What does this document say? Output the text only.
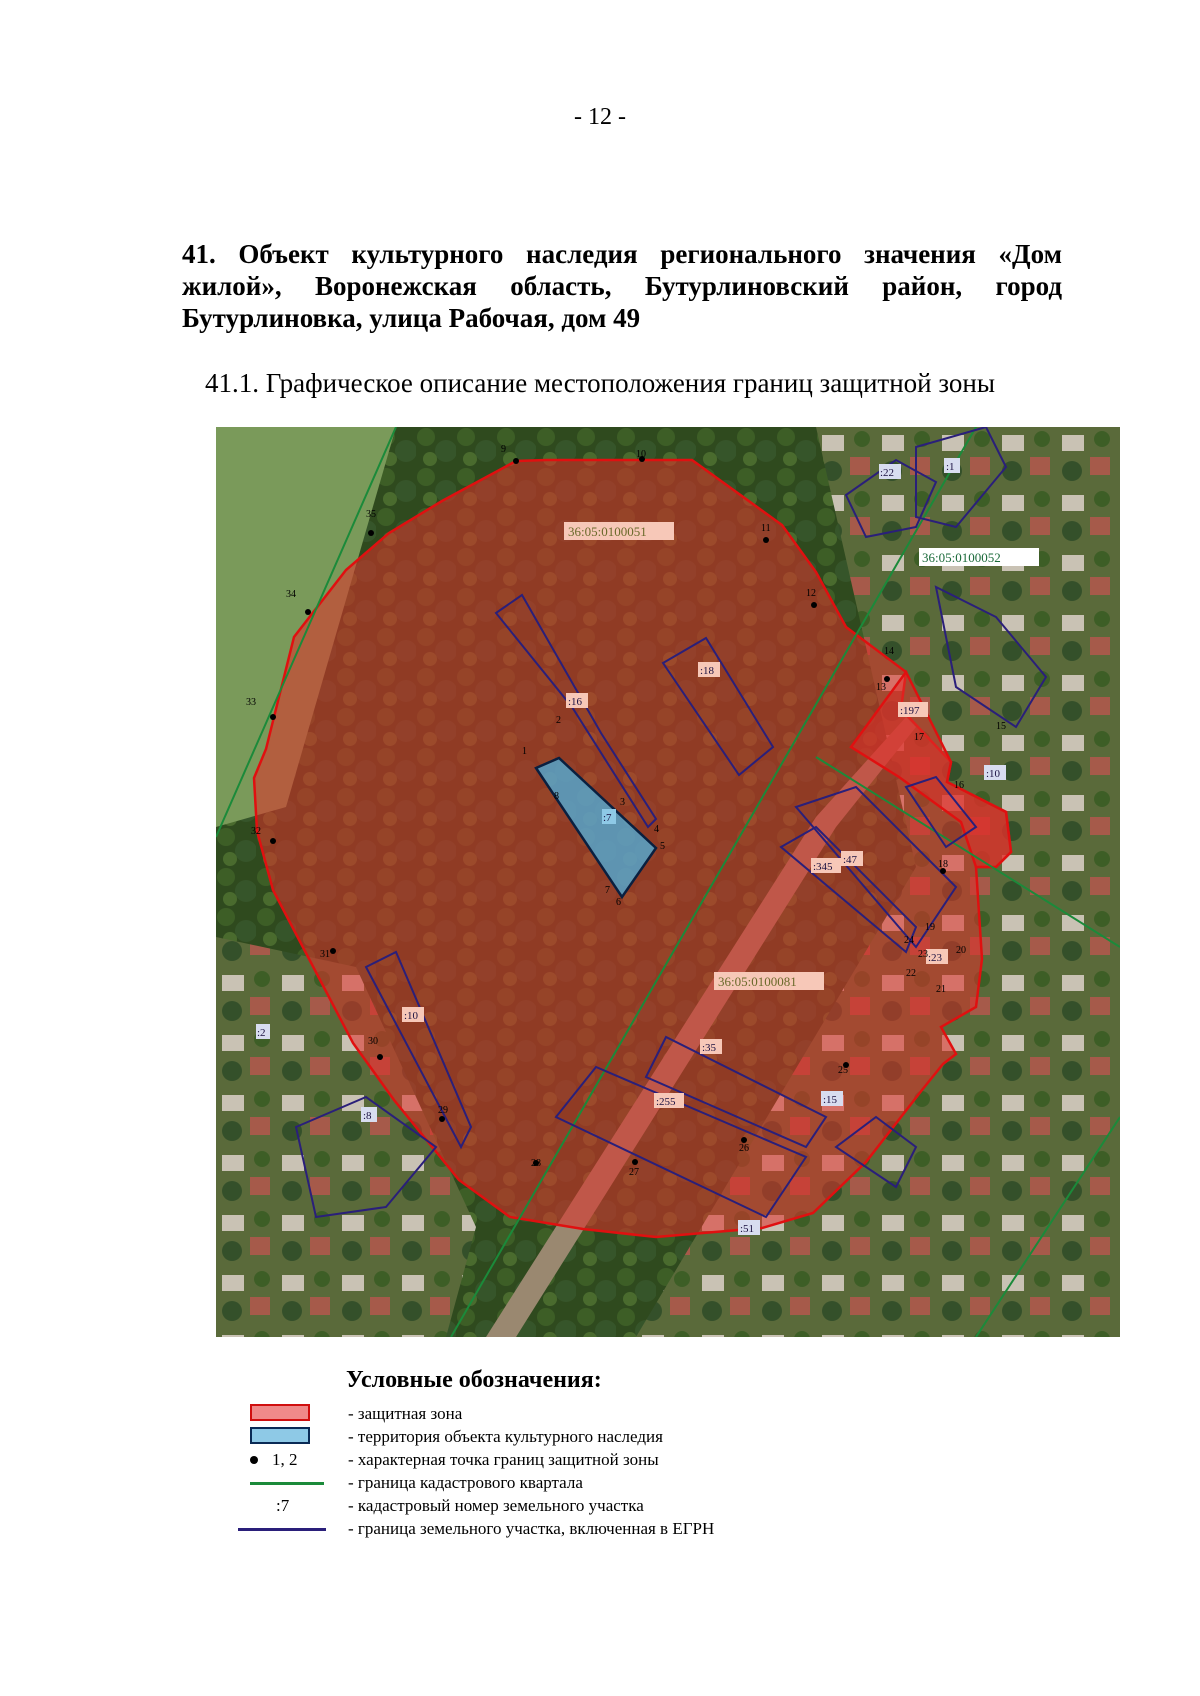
- 12 -
41. Объект культурного наследия регионального значения «Дом
жилой», Воронежская область, Бутурлиновский район, город
Бутурлиновка, улица Рабочая, дом 49
41.1. Графическое описание местоположения границ защитной зоны
36:05:0100051
36:05:0100052
36:05:0100081
:22	:1
:18
:16
:7
:197
:10
:47
:345
:23
:10
:2
:8
:35
:255	:15
:51
1
2
3
4
5
6
7
8
9	10
11
12
13
14
15
16
17
18
19
20
21
22
23
24
25
26
27
28
29
30
31
32
33
34
35
Условные обозначения:
- защитная зона
- территория объекта культурного наследия
1, 2	- характерная точка границ защитной зоны
- граница кадастрового квартала
:7	- кадастровый номер земельного участка
- граница земельного участка, включенная в ЕГРН
